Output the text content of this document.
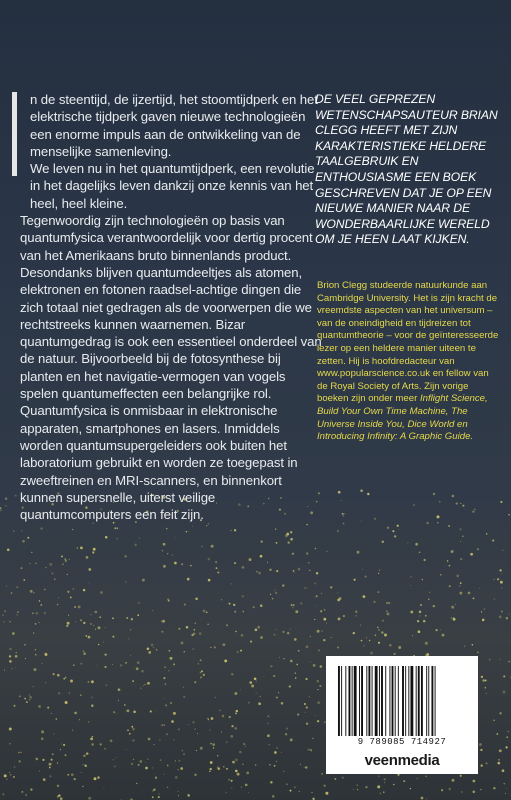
n de steentijd, de ijzertijd, het stoomtijdperk en het elektrische tijdperk gaven nieuwe technologieën een enorme impuls aan de ontwikkeling van de menselijke samenleving.

We leven nu in het quantumtijdperk, een revolutie in het dagelijks leven dankzij onze kennis van het heel, heel kleine.

Tegenwoordig zijn technologieën op basis van quantumfysica verantwoordelijk voor dertig procent van het Amerikaans bruto binnenlands product. Desondanks blijven quantumdeeltjes als atomen, elektronen en fotonen raadsel-achtige dingen die zich totaal niet gedragen als de voorwerpen die we rechtstreeks kunnen waarnemen. Bizar quantumgedrag is ook een essentieel onderdeel van de natuur. Bijvoorbeeld bij de fotosynthese bij planten en het navigatie-vermogen van vogels spelen quantumeffecten een belangrijke rol.

Quantumfysica is onmisbaar in elektronische apparaten, smartphones en lasers. Inmiddels worden quantumsupergeleiders ook buiten het laboratorium gebruikt en worden ze toegepast in zweeftreinen en MRI-scanners, en binnenkort kunnen supersnelle, uiterst veilige quantumcomputers een feit zijn.

DE VEEL GEPREZEN WETENSCHAPSAUTEUR BRIAN CLEGG HEEFT MET ZIJN KARAKTERISTIEKE HELDERE TAALGEBRUIK EN ENTHOUSIASME EEN BOEK GESCHREVEN DAT JE OP EEN NIEUWE MANIER NAAR DE WONDERBAARLIJKE WERELD OM JE HEEN LAAT KIJKEN.
Brion Clegg studeerde natuurkunde aan Cambridge University. Het is zijn kracht de vreemdste aspecten van het universum – van de oneindigheid en tijdreizen tot quantumtheorie – voor de geïnteresseerde lezer op een heldere manier uiteen te zetten. Hij is hoofdredacteur van www.popularscience.co.uk en fellow van de Royal Society of Arts. Zijn vorige boeken zijn onder meer Inflight Science, Build Your Own Time Machine, The Universe Inside You, Dice World en Introducing Infinity: A Graphic Guide.
9 789085 714927
veenmedia
